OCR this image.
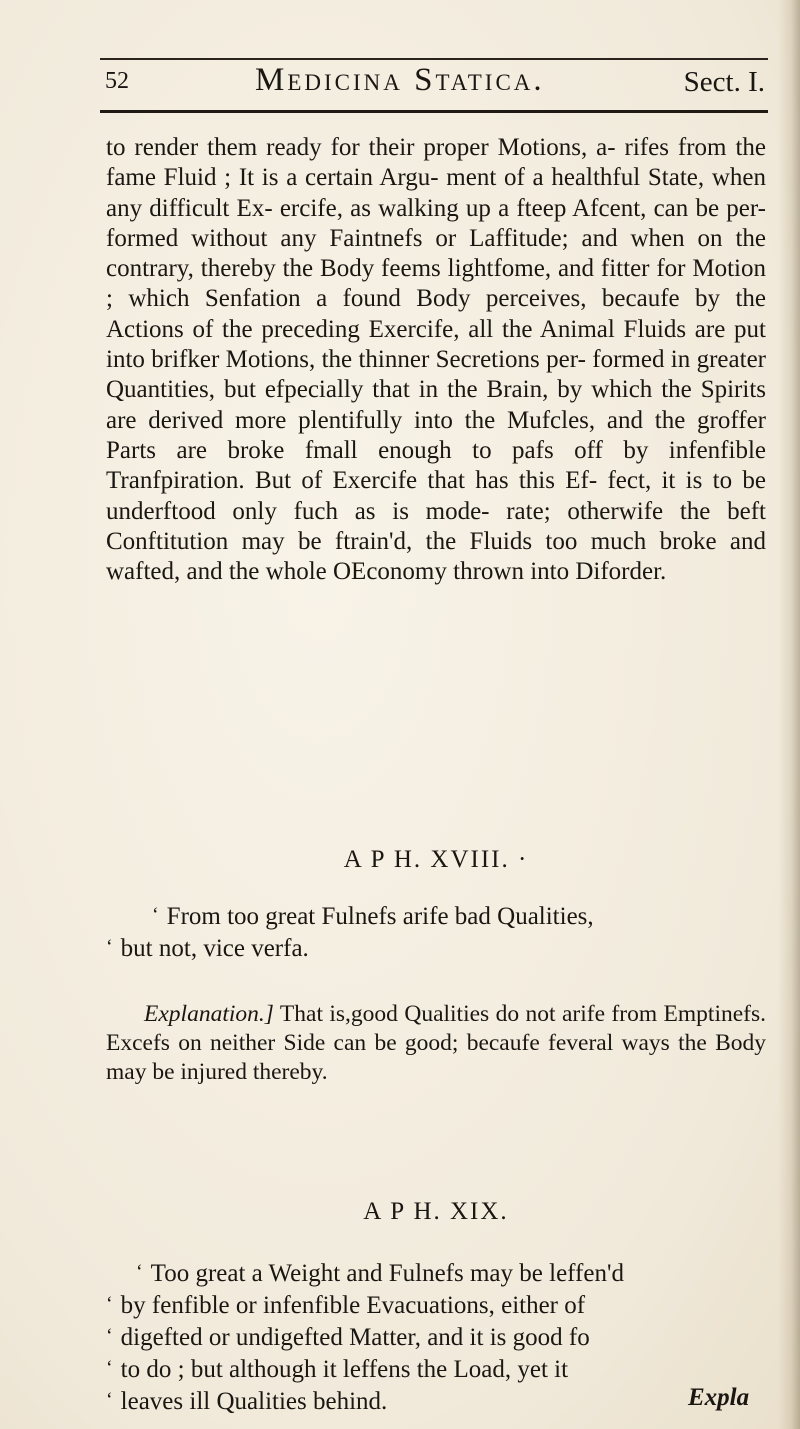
52	Medicina Statica.	Sect. I.

to render them ready for their proper Motions, a- rifes from the fame Fluid ; It is a certain Argu- ment of a healthful State, when any difficult Ex- ercife, as walking up a fteep Afcent, can be per- formed without any Faintnefs or Laffitude; and when on the contrary, thereby the Body feems lightfome, and fitter for Motion ; which Senfation a found Body perceives, becaufe by the Actions of the preceding Exercife, all the Animal Fluids are put into brifker Motions, the thinner Secretions per- formed in greater Quantities, but efpecially that in the Brain, by which the Spirits are derived more plentifully into the Mufcles, and the groffer Parts are broke fmall enough to pafs off by infenfible Tranfpiration. But of Exercife that has this Ef- fect, it is to be underftood only fuch as is mode- rate; otherwife the beft Conftitution may be ftrain'd, the Fluids too much broke and wafted, and the whole OEconomy thrown into Diforder.

A P H. XVIII. ·
‘ From too great Fulnefs arife bad Qualities,
‘ but not, vice verfa.

Explanation.] That is,good Qualities do not arife from Emptinefs. Excefs on neither Side can be good; becaufe feveral ways the Body may be injured thereby.

A P H. XIX.
‘ Too great a Weight and Fulnefs may be leffen'd
‘ by fenfible or infenfible Evacuations, either of
‘ digefted or undigefted Matter, and it is good fo
‘ to do ; but although it leffens the Load, yet it
‘ leaves ill Qualities behind.	Expla
